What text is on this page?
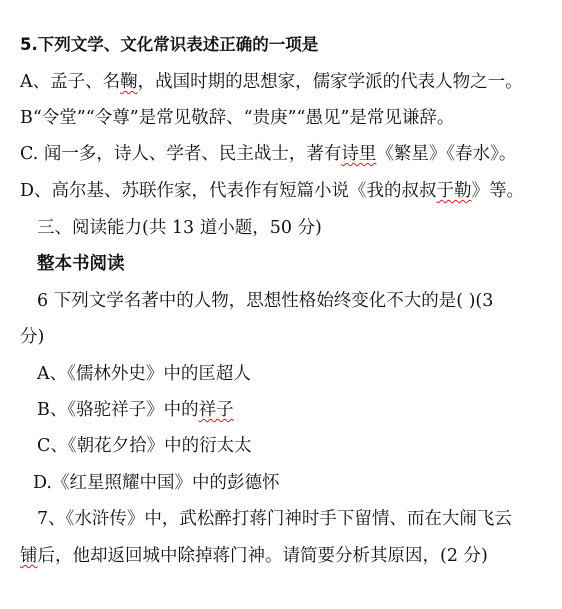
5.下列文学、文化常识表述正确的一项是
A、孟子、名鞠，战国时期的思想家，儒家学派的代表人物之一。
B“令堂”“令尊”是常见敬辞、“贵庚”“愚见”是常见谦辞。
C. 闻一多，诗人、学者、民主战士，著有诗里《繁星》《春水》。
D、高尔基、苏联作家，代表作有短篇小说《我的叔叔于勒》等。
三、阅读能力(共 13 道小题，50 分)
整本书阅读
6 下列文学名著中的人物，思想性格始终变化不大的是( )(3
分)
A、《儒林外史》中的匡超人
B、《骆驼祥子》中的祥子
C、《朝花夕拾》中的衍太太
D.《红星照耀中国》中的彭德怀
7、《水浒传》中，武松醉打蒋门神时手下留情、而在大闹飞云
铺后，他却返回城中除掉蒋门神。请简要分析其原因，(2 分)
